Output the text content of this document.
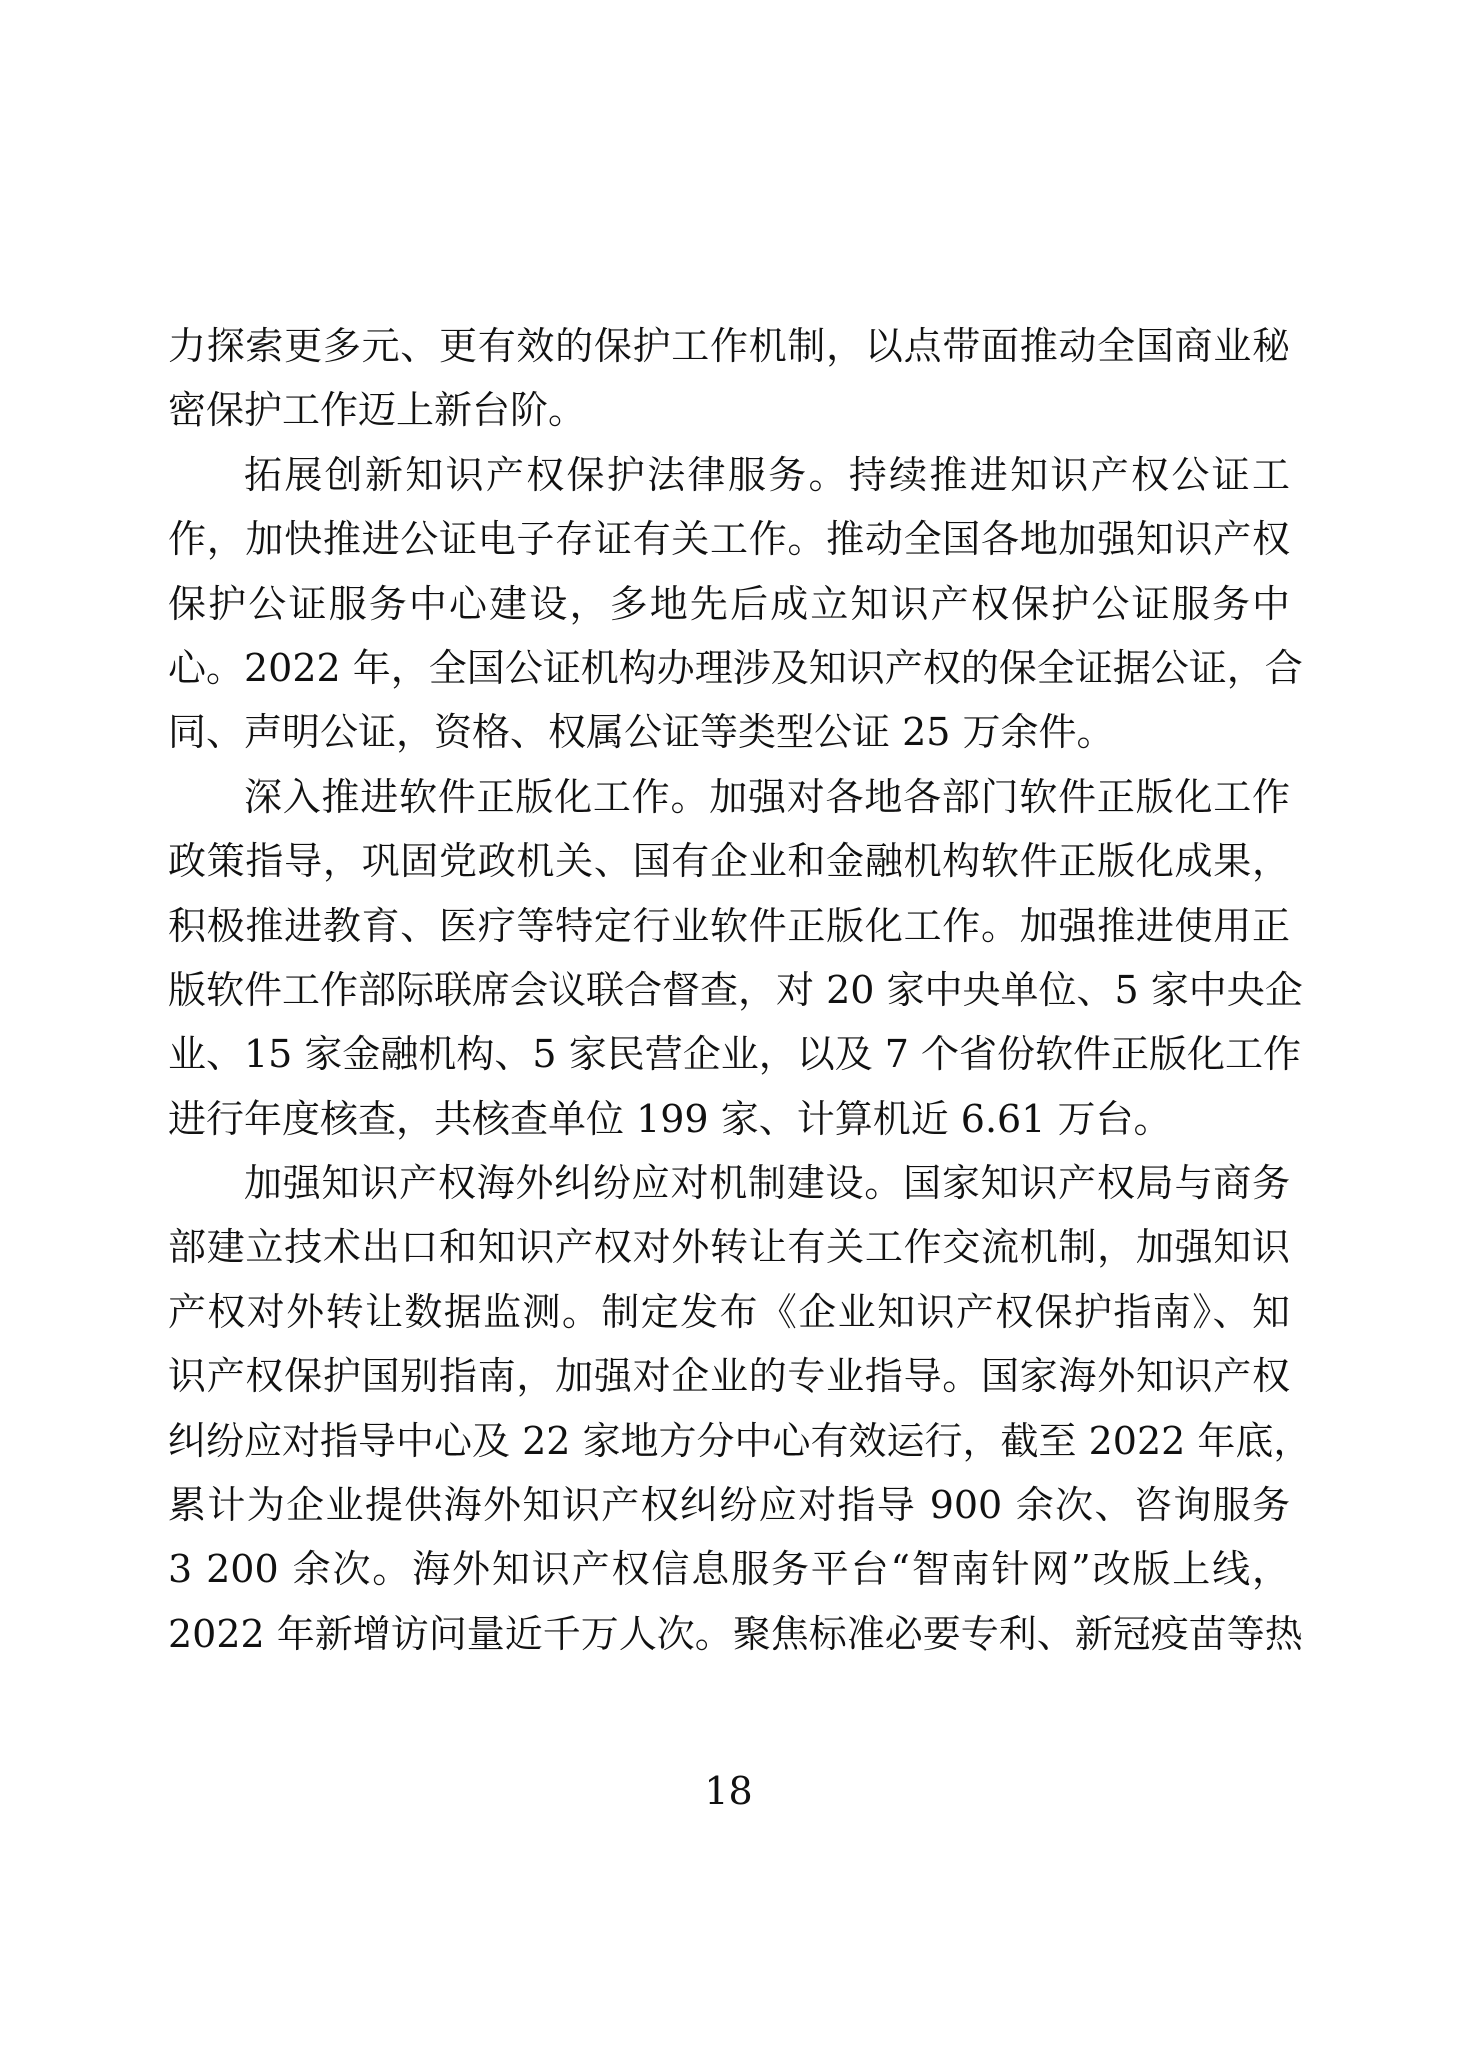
力探索更多元、更有效的保护工作机制，以点带面推动全国商业秘
密保护工作迈上新台阶。
拓展创新知识产权保护法律服务。持续推进知识产权公证工
作，加快推进公证电子存证有关工作。推动全国各地加强知识产权
保护公证服务中心建设，多地先后成立知识产权保护公证服务中
心。2022 年，全国公证机构办理涉及知识产权的保全证据公证，合
同、声明公证，资格、权属公证等类型公证 25 万余件。
深入推进软件正版化工作。加强对各地各部门软件正版化工作
政策指导，巩固党政机关、国有企业和金融机构软件正版化成果，
积极推进教育、医疗等特定行业软件正版化工作。加强推进使用正
版软件工作部际联席会议联合督查，对 20 家中央单位、5 家中央企
业、15 家金融机构、5 家民营企业，以及 7 个省份软件正版化工作
进行年度核查，共核查单位 199 家、计算机近 6.61 万台。
加强知识产权海外纠纷应对机制建设。国家知识产权局与商务
部建立技术出口和知识产权对外转让有关工作交流机制，加强知识
产权对外转让数据监测。制定发布《企业知识产权保护指南》、知
识产权保护国别指南，加强对企业的专业指导。国家海外知识产权
纠纷应对指导中心及 22 家地方分中心有效运行，截至 2022 年底，
累计为企业提供海外知识产权纠纷应对指导 900 余次、咨询服务
3 200 余次。海外知识产权信息服务平台“智南针网”改版上线，
2022 年新增访问量近千万人次。聚焦标准必要专利、新冠疫苗等热
18
